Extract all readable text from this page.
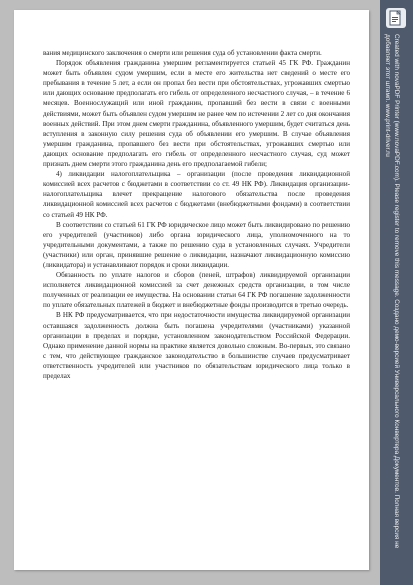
вания медицинского заключения о смерти или решения суда об установлении факта смерти.

Порядок объявления гражданина умершим регламентируется статьей 45 ГК РФ. Гражданин может быть объявлен судом умершим, если в месте его жительства нет сведений о месте его пребывания в течение 5 лет, а если он пропал без вести при обстоятельствах, угрожавших смертью или дающих основание предполагать его гибель от определенного несчастного случая, – в течение 6 месяцев. Военнослужащий или иной гражданин, пропавший без вести в связи с военными действиями, может быть объявлен судом умершим не ранее чем по истечении 2 лет со дня окончания военных действий. При этом днем смерти гражданина, объявленного умершим, будет считаться день вступления в законную силу решения суда об объявлении его умершим. В случае объявления умершим гражданина, пропавшего без вести при обстоятельствах, угрожавших смертью или дающих основание предполагать его гибель от определенного несчастного случая, суд может признать днем смерти этого гражданина день его предполагаемой гибели;

4) ликвидации налогоплательщика – организации (после проведения ликвидационной комиссией всех расчетов с бюджетами в соответствии со ст. 49 НК РФ). Ликвидация организации-налогоплательщика влечет прекращение налогового обязательства после проведения ликвидационной комиссией всех расчетов с бюджетами (внебюджетными фондами) в соответствии со статьей 49 НК РФ.

В соответствии со статьей 61 ГК РФ юридическое лицо может быть ликвидировано по решению его учредителей (участников) либо органа юридического лица, уполномоченного на то учредительными документами, а также по решению суда в установленных случаях. Учредители (участники) или орган, принявшие решение о ликвидации, назначают ликвидационную комиссию (ликвидатора) и устанавливают порядок и сроки ликвидации.

Обязанность по уплате налогов и сборов (пеней, штрафов) ликвидируемой организации исполняется ликвидационной комиссией за счет денежных средств организации, в том числе полученных от реализации ее имущества. На основании статьи 64 ГК РФ погашение задолженности по уплате обязательных платежей в бюджет и внебюджетные фонды производится в третью очередь.

В НК РФ предусматривается, что при недостаточности имущества ликвидируемой организации оставшаяся задолженность должна быть погашена учредителями (участниками) указанной организации в пределах и порядке, установленном законодательством Российской Федерации. Однако применение данной нормы на практике является довольно сложным. Во-первых, это связано с тем, что действующее гражданское законодательство в большинстве случаев предусматривает ответственность учредителей или участников по обязательствам юридического лица только в пределах	Created with novaPDF Printer (www.novaPDF.com). Please register to remove this message. Создано демо-версией Универсального Конвертера Документов. Полная версия не добавляет этот штамп. www.print-driver.ru
